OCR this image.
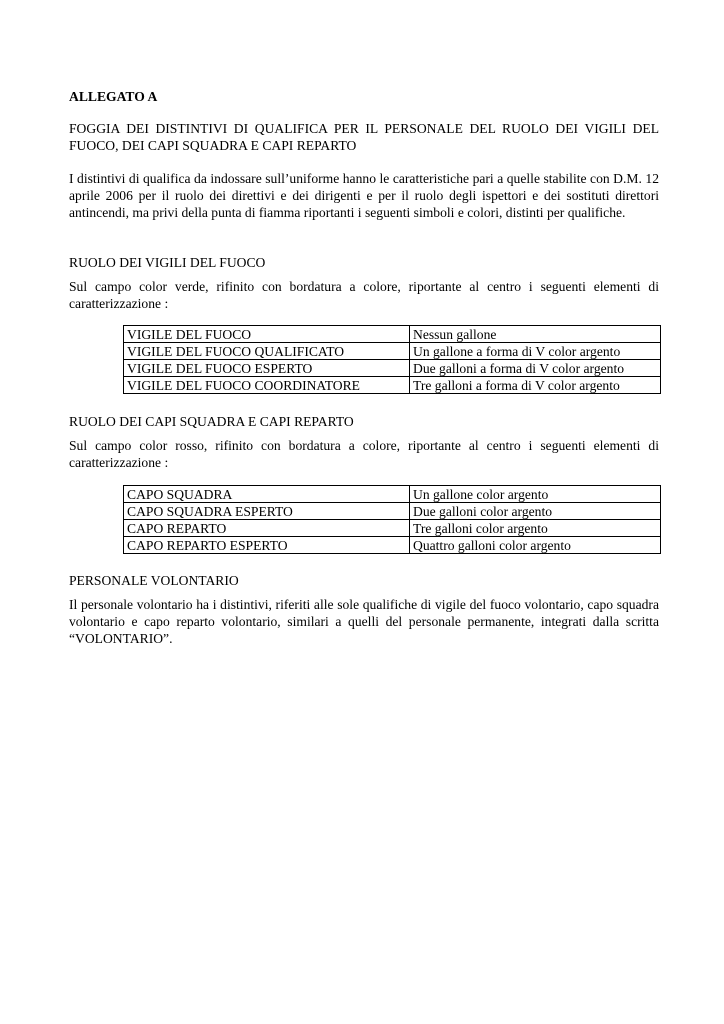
ALLEGATO A

FOGGIA DEI DISTINTIVI DI QUALIFICA PER IL PERSONALE DEL RUOLO DEI VIGILI DEL FUOCO, DEI CAPI SQUADRA E CAPI REPARTO

I distintivi di qualifica da indossare sull’uniforme hanno le caratteristiche pari a quelle stabilite con D.M. 12 aprile 2006 per il ruolo dei direttivi e dei dirigenti e per il ruolo degli ispettori e dei sostituti direttori antincendi, ma privi della punta di fiamma riportanti i seguenti simboli e colori, distinti per qualifiche.

RUOLO DEI VIGILI DEL FUOCO

Sul campo color verde, rifinito con bordatura a colore, riportante al centro i seguenti elementi di caratterizzazione :

VIGILE DEL FUOCO	Nessun gallone
VIGILE DEL FUOCO QUALIFICATO	Un gallone a forma di V color argento
VIGILE DEL FUOCO ESPERTO	Due galloni a forma di V color argento
VIGILE DEL FUOCO COORDINATORE	Tre galloni a forma di V color argento

RUOLO DEI CAPI SQUADRA E CAPI REPARTO

Sul campo color rosso, rifinito con bordatura a colore, riportante al centro i seguenti elementi di caratterizzazione :

CAPO SQUADRA	Un gallone color argento
CAPO SQUADRA ESPERTO	Due galloni color argento
CAPO REPARTO	Tre galloni color argento
CAPO REPARTO ESPERTO	Quattro galloni color argento

PERSONALE VOLONTARIO

Il personale volontario ha i distintivi, riferiti alle sole qualifiche di vigile del fuoco volontario, capo squadra volontario e capo reparto volontario, similari a quelli del personale permanente, integrati dalla scritta “VOLONTARIO”.
